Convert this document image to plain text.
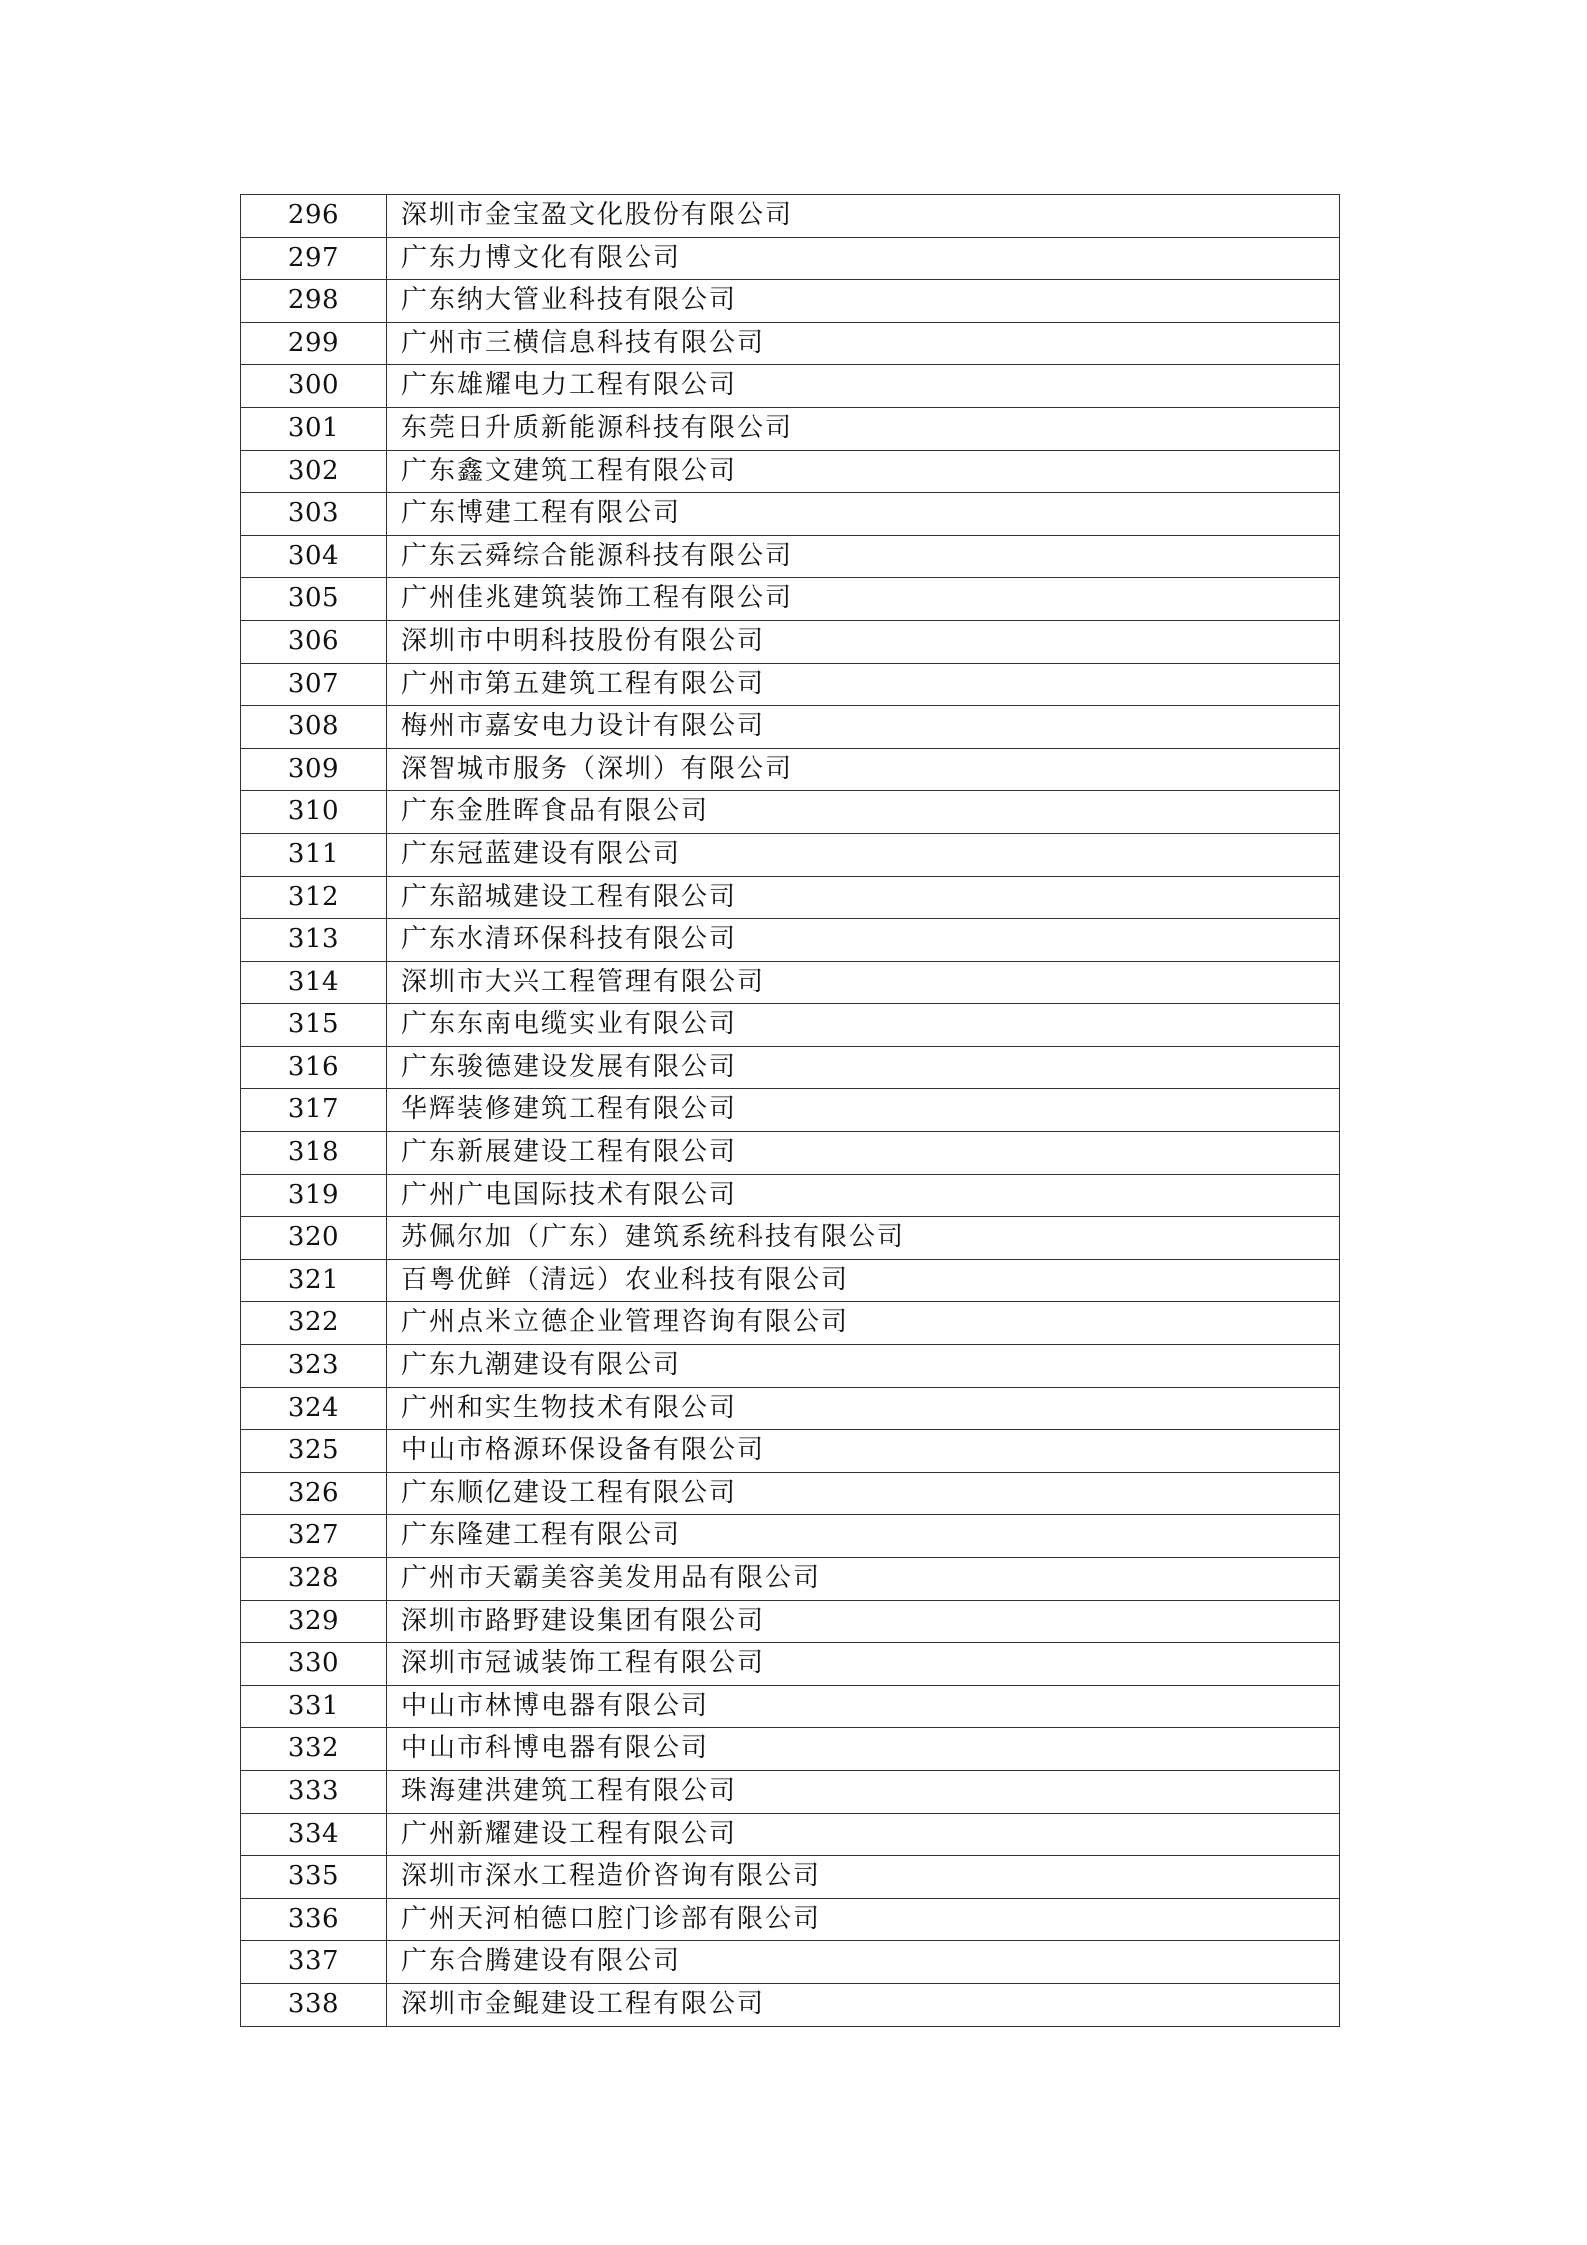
296	深圳市金宝盈文化股份有限公司
297	广东力博文化有限公司
298	广东纳大管业科技有限公司
299	广州市三横信息科技有限公司
300	广东雄耀电力工程有限公司
301	东莞日升质新能源科技有限公司
302	广东鑫文建筑工程有限公司
303	广东博建工程有限公司
304	广东云舜综合能源科技有限公司
305	广州佳兆建筑装饰工程有限公司
306	深圳市中明科技股份有限公司
307	广州市第五建筑工程有限公司
308	梅州市嘉安电力设计有限公司
309	深智城市服务（深圳）有限公司
310	广东金胜晖食品有限公司
311	广东冠蓝建设有限公司
312	广东韶城建设工程有限公司
313	广东水清环保科技有限公司
314	深圳市大兴工程管理有限公司
315	广东东南电缆实业有限公司
316	广东骏德建设发展有限公司
317	华辉装修建筑工程有限公司
318	广东新展建设工程有限公司
319	广州广电国际技术有限公司
320	苏佩尔加（广东）建筑系统科技有限公司
321	百粤优鲜（清远）农业科技有限公司
322	广州点米立德企业管理咨询有限公司
323	广东九潮建设有限公司
324	广州和实生物技术有限公司
325	中山市格源环保设备有限公司
326	广东顺亿建设工程有限公司
327	广东隆建工程有限公司
328	广州市天霸美容美发用品有限公司
329	深圳市路野建设集团有限公司
330	深圳市冠诚装饰工程有限公司
331	中山市林博电器有限公司
332	中山市科博电器有限公司
333	珠海建洪建筑工程有限公司
334	广州新耀建设工程有限公司
335	深圳市深水工程造价咨询有限公司
336	广州天河柏德口腔门诊部有限公司
337	广东合腾建设有限公司
338	深圳市金鲲建设工程有限公司
